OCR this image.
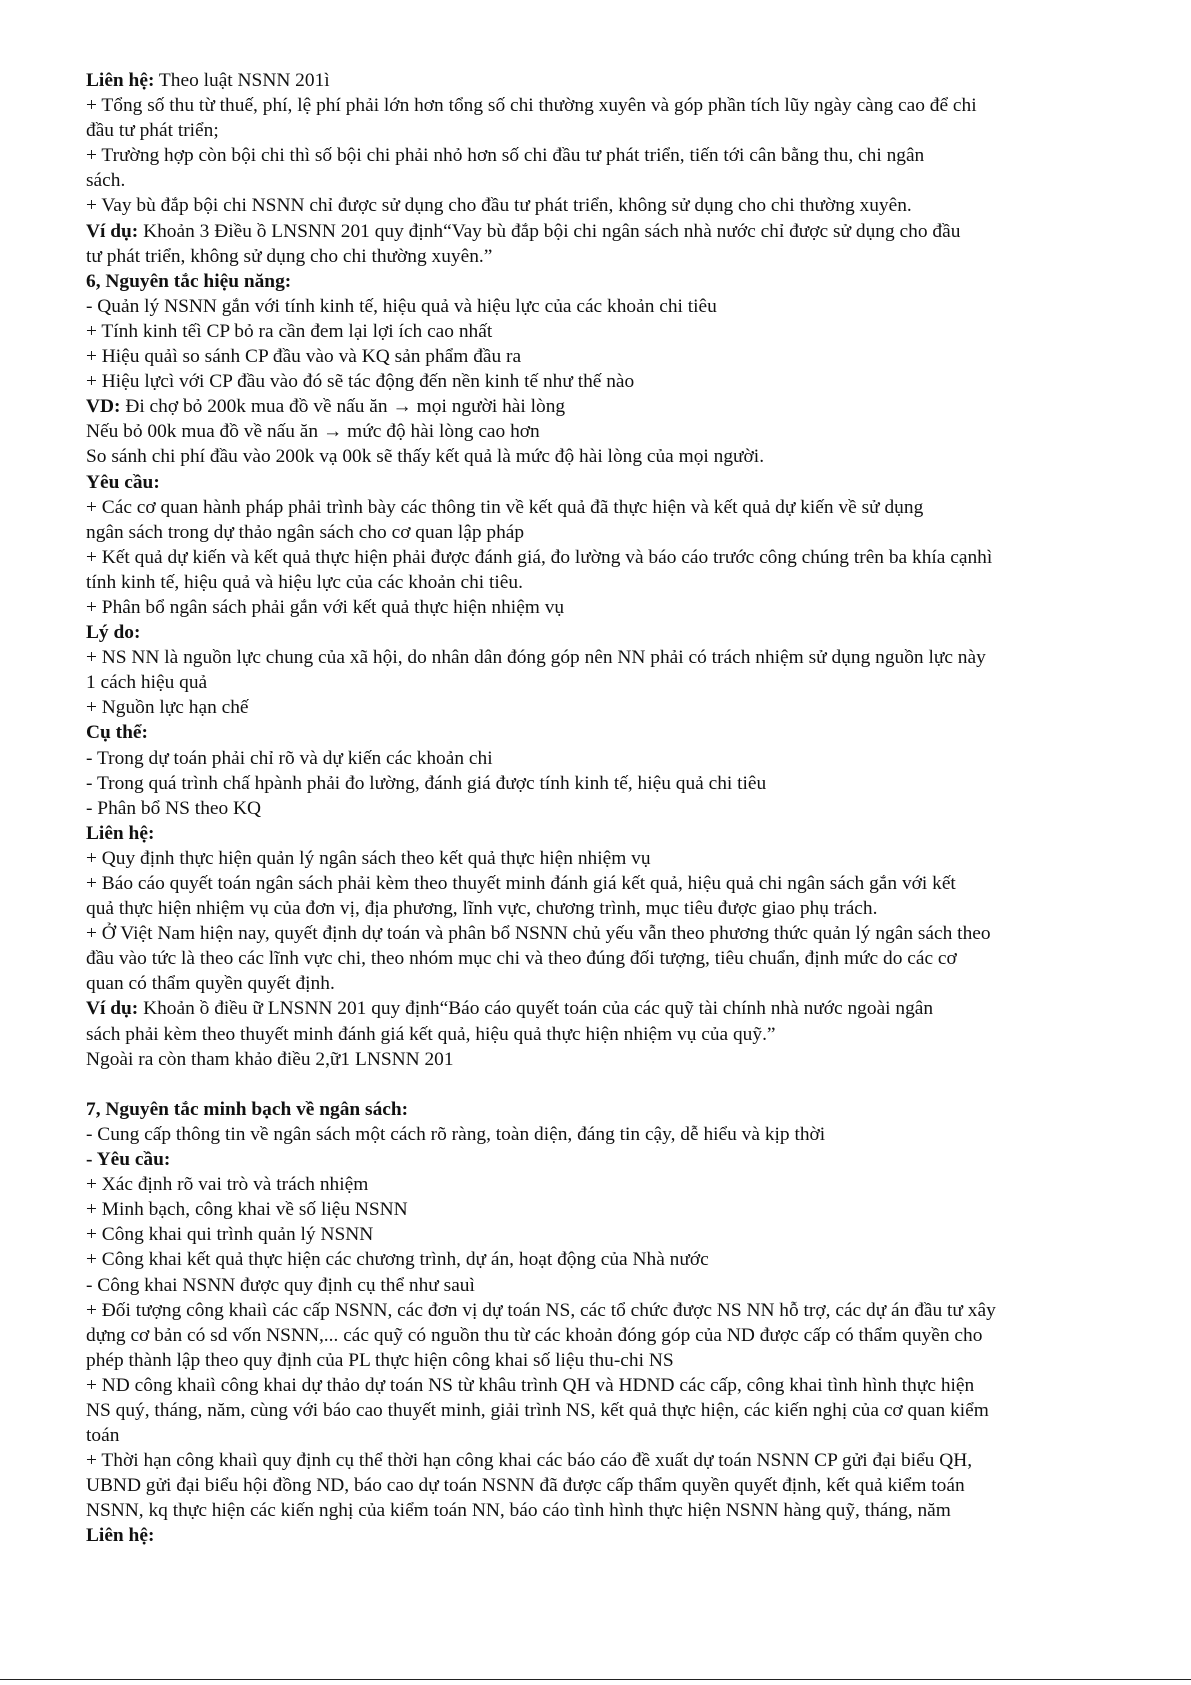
Liên hệ: Theo luật NSNN 201ì
+ Tổng số thu từ thuế, phí, lệ phí phải lớn hơn tổng số chi thường xuyên và góp phần tích lũy ngày càng cao để chi
đầu tư phát triển;
+ Trường hợp còn bội chi thì số bội chi phải nhỏ hơn số chi đầu tư phát triển, tiến tới cân bằng thu, chi ngân
sách.
+ Vay bù đắp bội chi NSNN chỉ được sử dụng cho đầu tư phát triển, không sử dụng cho chi thường xuyên.
Ví dụ: Khoản 3 Điều ồ LNSNN 201 quy định“Vay bù đắp bội chi ngân sách nhà nước chỉ được sử dụng cho đầu
tư phát triển, không sử dụng cho chi thường xuyên.”
6, Nguyên tắc hiệu năng:
- Quản lý NSNN gắn với tính kinh tế, hiệu quả và hiệu lực của các khoản chi tiêu
+ Tính kinh tếì CP bỏ ra cần đem lại lợi ích cao nhất
+ Hiệu quảì so sánh CP đầu vào và KQ sản phẩm đầu ra
+ Hiệu lựcì với CP đầu vào đó sẽ tác động đến nền kinh tế như thế nào
VD: Đi chợ bỏ 200k mua đồ về nấu ăn → mọi người hài lòng
Nếu bỏ 00k mua đồ về nấu ăn → mức độ hài lòng cao hơn
So sánh chi phí đầu vào 200k vạ 00k sẽ thấy kết quả là mức độ hài lòng của mọi người.
Yêu cầu:
+ Các cơ quan hành pháp phải trình bày các thông tin về kết quả đã thực hiện và kết quả dự kiến về sử dụng
ngân sách trong dự thảo ngân sách cho cơ quan lập pháp
+ Kết quả dự kiến và kết quả thực hiện phải được đánh giá, đo lường và báo cáo trước công chúng trên ba khía cạnhì
tính kinh tế, hiệu quả và hiệu lực của các khoản chi tiêu.
+ Phân bổ ngân sách phải gắn với kết quả thực hiện nhiệm vụ
Lý do:
+ NS NN là nguồn lực chung của xã hội, do nhân dân đóng góp nên NN phải có trách nhiệm sử dụng nguồn lực này
1 cách hiệu quả
+ Nguồn lực hạn chế
Cụ thể:
- Trong dự toán phải chỉ rõ và dự kiến các khoản chi
- Trong quá trình chấ hpành phải đo lường, đánh giá được tính kinh tế, hiệu quả chi tiêu
- Phân bổ NS theo KQ
Liên hệ:
+ Quy định thực hiện quản lý ngân sách theo kết quả thực hiện nhiệm vụ
+ Báo cáo quyết toán ngân sách phải kèm theo thuyết minh đánh giá kết quả, hiệu quả chi ngân sách gắn với kết
quả thực hiện nhiệm vụ của đơn vị, địa phương, lĩnh vực, chương trình, mục tiêu được giao phụ trách.
+ Ở Việt Nam hiện nay, quyết định dự toán và phân bổ NSNN chủ yếu vẫn theo phương thức quản lý ngân sách theo
đầu vào tức là theo các lĩnh vực chi, theo nhóm mục chi và theo đúng đối tượng, tiêu chuẩn, định mức do các cơ
quan có thẩm quyền quyết định.
Ví dụ: Khoản ồ điều ữ LNSNN 201 quy định“Báo cáo quyết toán của các quỹ tài chính nhà nước ngoài ngân
sách phải kèm theo thuyết minh đánh giá kết quả, hiệu quả thực hiện nhiệm vụ của quỹ.”
Ngoài ra còn tham khảo điều 2,ữ1 LNSNN 201
7, Nguyên tắc minh bạch về ngân sách:
- Cung cấp thông tin về ngân sách một cách rõ ràng, toàn diện, đáng tin cậy, dễ hiểu và kịp thời
- Yêu cầu:
+ Xác định rõ vai trò và trách nhiệm
+ Minh bạch, công khai về số liệu NSNN
+ Công khai qui trình quản lý NSNN
+ Công khai kết quả thực hiện các chương trình, dự án, hoạt động của Nhà nước
- Công khai NSNN được quy định cụ thể như sauì
+ Đối tượng công khaiì các cấp NSNN, các đơn vị dự toán NS, các tổ chức được NS NN hỗ trợ, các dự án đầu tư xây
dựng cơ bản có sd vốn NSNN,... các quỹ có nguồn thu từ các khoản đóng góp của ND được cấp có thẩm quyền cho
phép thành lập theo quy định của PL thực hiện công khai số liệu thu-chi NS
+ ND công khaiì công khai dự thảo dự toán NS từ khâu trình QH và HDND các cấp, công khai tình hình thực hiện
NS quý, tháng, năm, cùng với báo cao thuyết minh, giải trình NS, kết quả thực hiện, các kiến nghị của cơ quan kiểm
toán
+ Thời hạn công khaiì quy định cụ thể thời hạn công khai các báo cáo đề xuất dự toán NSNN CP gửi đại biểu QH,
UBND gửi đại biểu hội đồng ND, báo cao dự toán NSNN đã được cấp thẩm quyền quyết định, kết quả kiểm toán
NSNN, kq thực hiện các kiến nghị của kiểm toán NN, báo cáo tình hình thực hiện NSNN hàng quỹ, tháng, năm
Liên hệ:
